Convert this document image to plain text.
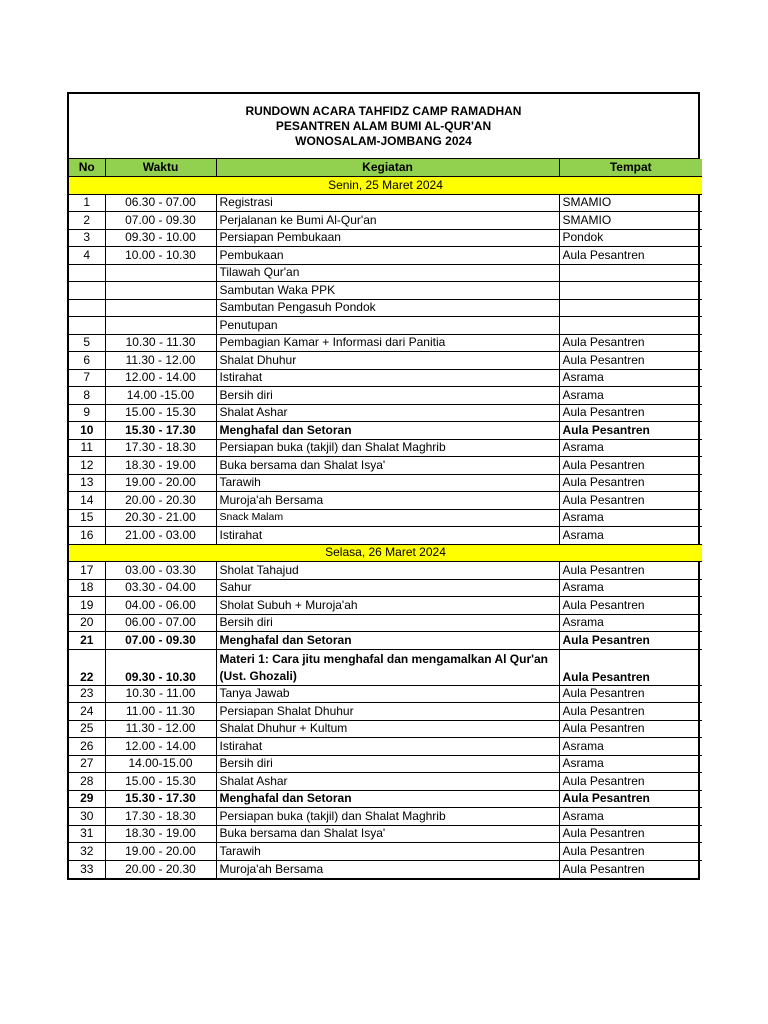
RUNDOWN ACARA TAHFIDZ CAMP RAMADHAN
PESANTREN ALAM BUMI AL-QUR'AN
WONOSALAM-JOMBANG 2024
No	Waktu	Kegiatan	Tempat
Senin, 25 Maret 2024			
1	06.30 - 07.00	Registrasi	SMAMIO
2	07.00 - 09.30	Perjalanan ke Bumi Al-Qur'an	SMAMIO
3	09.30 - 10.00	Persiapan Pembukaan	Pondok
4	10.00 - 10.30	Pembukaan	Aula Pesantren
		Tilawah Qur'an	
		Sambutan Waka PPK	
		Sambutan Pengasuh Pondok	
		Penutupan	
5	10.30 - 11.30	Pembagian Kamar + Informasi dari Panitia	Aula Pesantren
6	11.30 - 12.00	Shalat Dhuhur	Aula Pesantren
7	12.00 - 14.00	Istirahat	Asrama
8	14.00 -15.00	Bersih diri	Asrama
9	15.00 - 15.30	Shalat Ashar	Aula Pesantren
10	15.30 - 17.30	Menghafal dan Setoran	Aula Pesantren
11	17.30 - 18.30	Persiapan buka (takjil) dan Shalat Maghrib	Asrama
12	18.30 - 19.00	Buka bersama dan Shalat Isya'	Aula Pesantren
13	19.00 - 20.00	Tarawih	Aula Pesantren
14	20.00 - 20.30	Muroja'ah Bersama	Aula Pesantren
15	20.30 - 21.00	Snack Malam	Asrama
16	21.00 - 03.00	Istirahat	Asrama
Selasa, 26 Maret 2024			
17	03.00 - 03.30	Sholat Tahajud	Aula Pesantren
18	03.30 - 04.00	Sahur	Asrama
19	04.00 - 06.00	Sholat Subuh + Muroja'ah	Aula Pesantren
20	06.00 - 07.00	Bersih diri	Asrama
21	07.00 - 09.30	Menghafal dan Setoran	Aula Pesantren
22	09.30 - 10.30	Materi 1: Cara jitu menghafal dan mengamalkan Al Qur'an (Ust. Ghozali)	Aula Pesantren
23	10.30 - 11.00	Tanya Jawab	Aula Pesantren
24	11.00 - 11.30	Persiapan Shalat Dhuhur	Aula Pesantren
25	11.30 - 12.00	Shalat Dhuhur + Kultum	Aula Pesantren
26	12.00 - 14.00	Istirahat	Asrama
27	14.00-15.00	Bersih diri	Asrama
28	15.00 - 15.30	Shalat Ashar	Aula Pesantren
29	15.30 - 17.30	Menghafal dan Setoran	Aula Pesantren
30	17.30 - 18.30	Persiapan buka (takjil) dan Shalat Maghrib	Asrama
31	18.30 - 19.00	Buka bersama dan Shalat Isya'	Aula Pesantren
32	19.00 - 20.00	Tarawih	Aula Pesantren
33	20.00 - 20.30	Muroja'ah Bersama	Aula Pesantren
